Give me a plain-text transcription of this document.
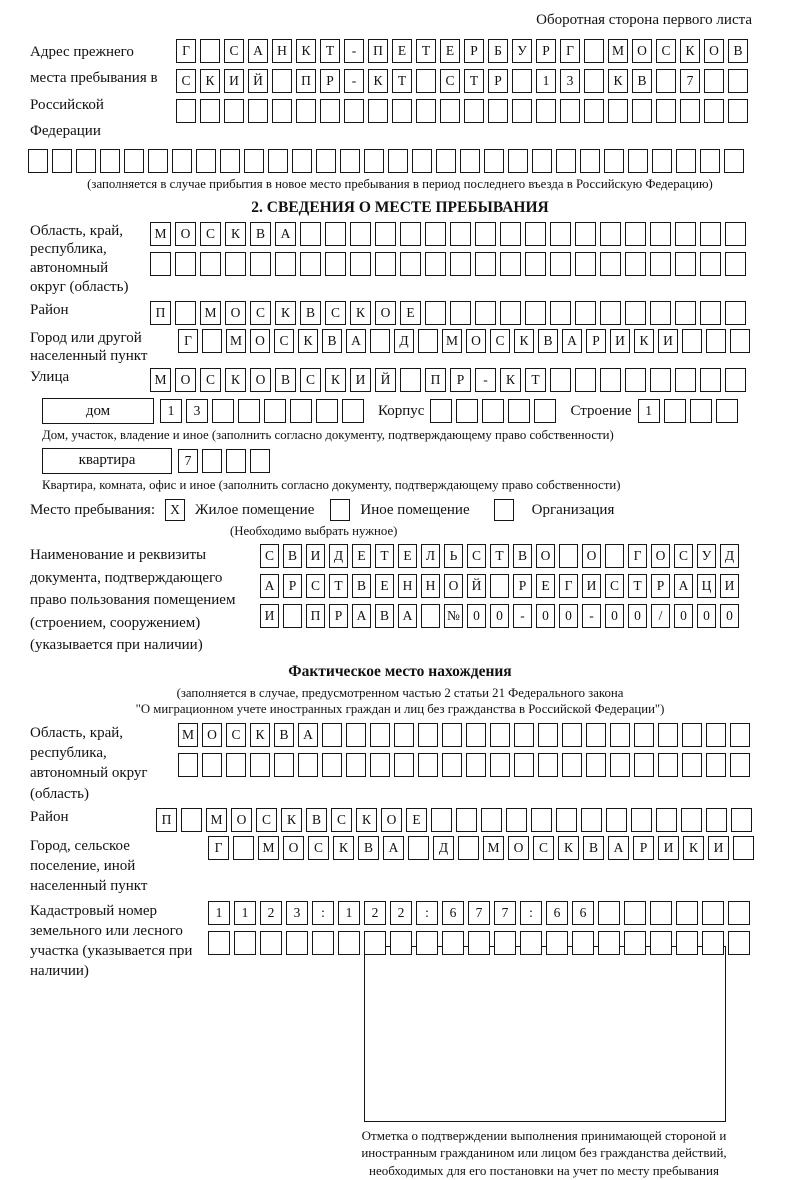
Оборотная сторона первого листа
Адрес прежнего места пребывания в Российской Федерации
Г	С	А	Н	К	Т	-	П	Е	Т	Е	Р	Б	У	Р	Г	М О	С	К	О	В
С	К	И	Й	П	Р	-	К	Т	С	Т	Р	1	3	К	В	7
(заполняется в случае прибытия в новое место пребывания в период последнего въезда в Российскую Федерацию)
2. СВЕДЕНИЯ О МЕСТЕ ПРЕБЫВАНИЯ
Область, край, республика, автономный округ (область)
М	О	С	К	В	А
Район	П	М	О	С	К	В	С	К	О	Е
Город или другой населенный пункт
Г	М О	С	К	В	А	Д	М О	С	К	В	А	Р	И	К	И
Улица	М	О	С	К	О	В	С	К	И	Й	П	Р	-	К	Т
дом	1	3	Корпус	Строение	1
Дом, участок, владение и иное (заполнить согласно документу, подтверждающему право собственности)
квартира	7
Квартира, комната, офис и иное (заполнить согласно документу, подтверждающему право собственности)
Место пребывания:	X	Жилое помещение	Иное помещение	Организация
(Необходимо выбрать нужное)
Наименование и реквизиты документа, подтверждающего право пользования помещением (строением, сооружением) (указывается при наличии)
С	В	И	Д	Е	Т	Е	Л	Ь	С	Т	В	О	О	Г	О	С	У	Д
А	Р	С	Т	В	Е	Н Н О Й	Р	Е	Г	И	С	Т	Р	А Ц И
И	П	Р	А	В	А	№ 0	0	-	0	0	-	0	0	/	0	0	0
Фактическое место нахождения
(заполняется в случае, предусмотренном частью 2 статьи 21 Федерального закона
"О миграционном учете иностранных граждан и лиц без гражданства в Российской Федерации")
Область, край, республика, автономный округ (область)
М О	С	К	В	А
Район	П	М	О	С	К	В	С	К	О	Е
Город, сельское поселение, иной населенный пункт
Г	М	О	С	К	В	А	Д	М	О	С	К	В	А	Р	И	К	И
Кадастровый номер земельного или лесного участка (указывается при наличии)
1	1	2	3	:	1	2	2	:	6	7	7	:	6	6
Отметка о подтверждении выполнения принимающей стороной и иностранным гражданином или лицом без гражданства действий, необходимых для его постановки на учет по месту пребывания
